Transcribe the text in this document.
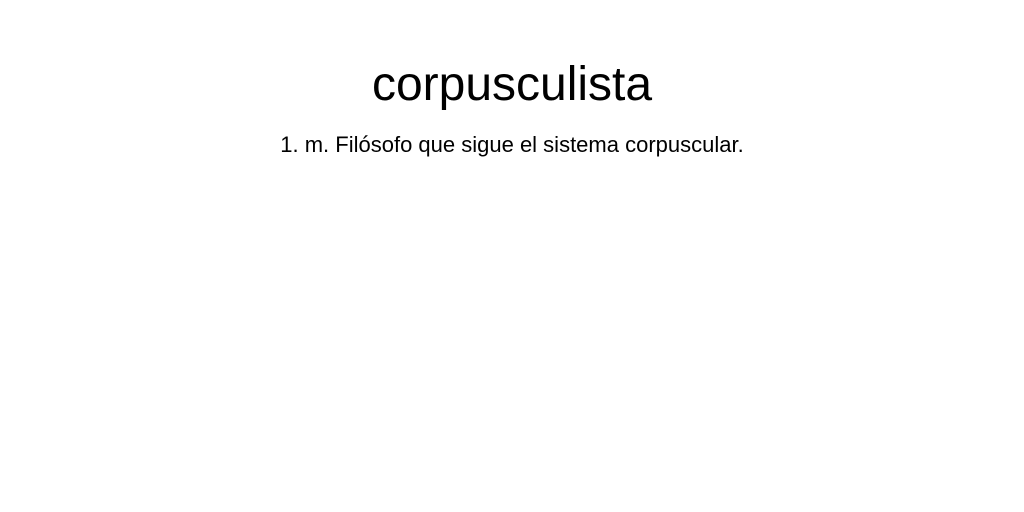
corpusculista

1. m. Filósofo que sigue el sistema corpuscular.
